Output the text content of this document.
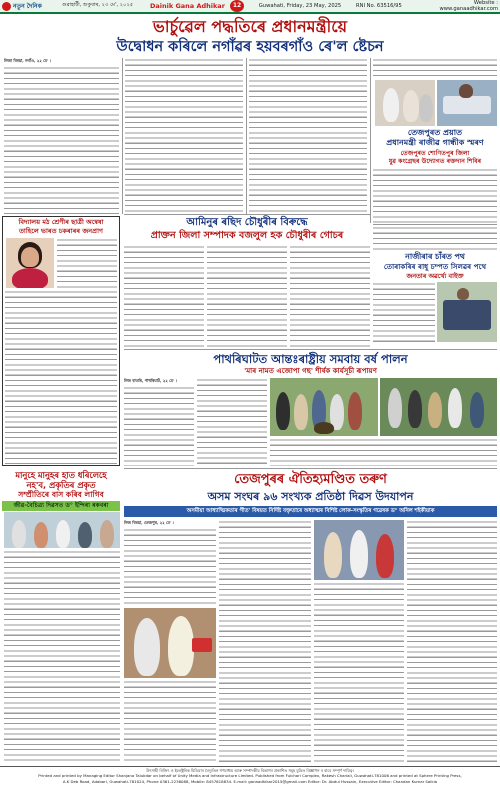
নতুন দৈনিক	গুৱাহাটী, শুকুবাৰ, ২৩ মে', ২০২৫	Dainik Gana Adhikar	12	Guwahati, Friday, 23 May, 2025	RNI No. 63516/95	Website : www.ganaadhikar.com
ভাৰ্চুৱেল পদ্ধতিৰে প্ৰধানমন্ত্ৰীয়ে
উদ্বোধন কৰিলে নগাঁৱৰ হয়বৰগাঁও ৰে'ল ষ্টেচন
নিজা বিষয়া, নগাঁও, ২২ মে' ।
তেজপুৰত প্ৰয়াত
প্ৰধানমন্ত্ৰী ৰাজীৱ গান্ধীক স্মৰণ
তেজপুৰত শোণিতপুৰ জিলা
যুৱ কংগ্ৰেছৰ উদ্যোগত ৰক্তদান শিবিৰ
বিদ্যালয় মঠ শ্ৰেণীৰ ছাত্ৰী অন্বেষা
তাহিলে ভাৰত চকৰাৰৰ জনপ্ৰাণ
আমিনুৰ ৰছিদ চৌধুৰীৰ বিৰুদ্ধে
প্ৰাক্তন জিলা সম্পাদক বজলুল হক চৌধুৰীৰ গোচৰ
নাজীৰাৰ চাঁৰত পথ
তোৰাকৰিৰ ৰাধু চম্পত সিলৱৰ পথে
জনতাৰ অৱৰ্থ্যে বাইক্ত
পাথৰিঘাটত আন্তঃৰাষ্ট্ৰীয় সমবায় বৰ্ষ পালন
'মাৰ নামত এজোপা গছ' শীৰ্ষক কাৰ্যসূচী ৰূপায়ণ
নিজ বাতৰি, পাথৰিঘাট, ২২ মে' ।
মানুহে মানুহৰ হাত ধৰিলেহে
নহ'ব, প্ৰকৃতিৰ প্ৰকৃত
সম্প্ৰীতিৰে বাস কৰিব লাগিব
জীৱ-বৈচিত্ৰ্য দিৱসত ড° ইন্দিৰা ৰকবৰা
তেজপুৰৰ ঐতিহ্যমণ্ডিত তৰুণ
অসম সংঘৰ ৯৬ সংখ্যক প্ৰতিষ্ঠা দিৱস উদযাপন
অসমীয়া আধ্যাত্মিকতাৰ গীত' বিষয়ত নিৰ্দিষ্ট বক্তৃতাৰে অধ্যাত্মৰ বিশিষ্ট লোক-সংস্কৃতিৰ গৱেষক ড° অনিল শইকীয়াক
নিজ বিষয়া, তেজপুৰ, ২২ মে' ।
উৎসাহী ৰিজিৎ ও ইলেক্ট্ৰনিক মিডিয়াৰ বৈদ্যুতিন গণমাধ্যম আৰু সম্পাদকীয় বিভাগৰ প্ৰকাশিত সমূহ মুদ্ৰিত বিজ্ঞাপন ৰ বাবে সম্পূৰ্ণ দায়িত্ব।
Printed and printed by Managing Editor Shanjana Talukdar on behalf of Unity Media and Infrastructure Limited. Published from Fulchari Complex, Rakesh Chariali, Guwahati-781006 and printed at Sphere Printing Press,
A.K Deb Road, Adabari, Guwahati-781024, Phone 0361-2236088, Mobile: 8457618834. E-mail: ganaadhikar2015@gmail.com Editor: Dr. Abdul Hussain, Executive Editor: Chandan Kumar Saikia
